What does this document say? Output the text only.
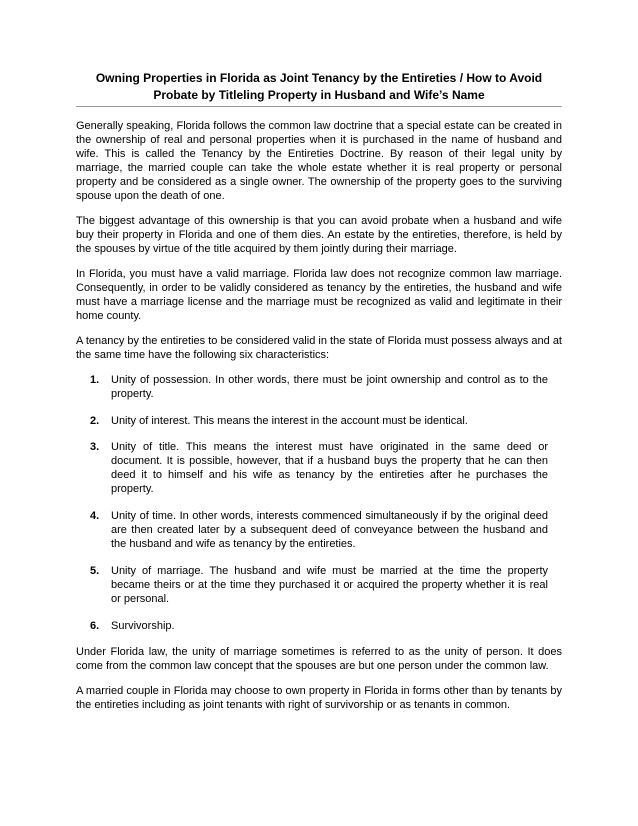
Owning Properties in Florida as Joint Tenancy by the Entireties / How to Avoid Probate by Titleling Property in Husband and Wife’s Name

Generally speaking, Florida follows the common law doctrine that a special estate can be created in the ownership of real and personal properties when it is purchased in the name of husband and wife. This is called the Tenancy by the Entireties Doctrine. By reason of their legal unity by marriage, the married couple can take the whole estate whether it is real property or personal property and be considered as a single owner. The ownership of the property goes to the surviving spouse upon the death of one.

The biggest advantage of this ownership is that you can avoid probate when a husband and wife buy their property in Florida and one of them dies. An estate by the entireties, therefore, is held by the spouses by virtue of the title acquired by them jointly during their marriage.

In Florida, you must have a valid marriage. Florida law does not recognize common law marriage. Consequently, in order to be validly considered as tenancy by the entireties, the husband and wife must have a marriage license and the marriage must be recognized as valid and legitimate in their home county.

A tenancy by the entireties to be considered valid in the state of Florida must possess always and at the same time have the following six characteristics:

1. Unity of possession. In other words, there must be joint ownership and control as to the property.
2. Unity of interest. This means the interest in the account must be identical.
3. Unity of title. This means the interest must have originated in the same deed or document. It is possible, however, that if a husband buys the property that he can then deed it to himself and his wife as tenancy by the entireties after he purchases the property.
4. Unity of time. In other words, interests commenced simultaneously if by the original deed are then created later by a subsequent deed of conveyance between the husband and the husband and wife as tenancy by the entireties.
5. Unity of marriage. The husband and wife must be married at the time the property became theirs or at the time they purchased it or acquired the property whether it is real or personal.
6. Survivorship.

Under Florida law, the unity of marriage sometimes is referred to as the unity of person. It does come from the common law concept that the spouses are but one person under the common law.

A married couple in Florida may choose to own property in Florida in forms other than by tenants by the entireties including as joint tenants with right of survivorship or as tenants in common.
